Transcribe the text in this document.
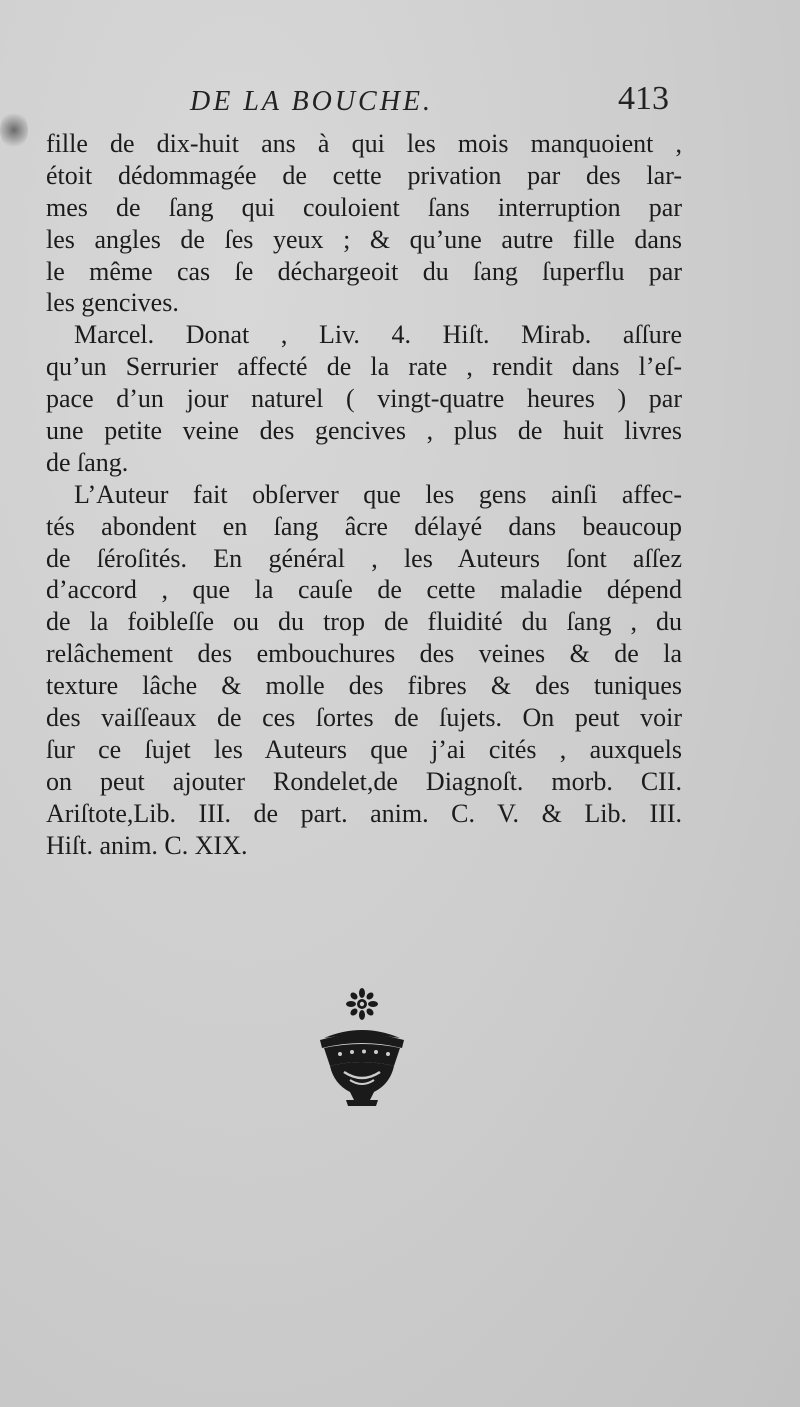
DE LA BOUCHE.	413
fille de dix-huit ans à qui les mois manquoient ,
étoit dédommagée de cette privation par des lar-
mes de ſang qui couloient ſans interruption par
les angles de ſes yeux ; & qu’une autre fille dans
le même cas ſe déchargeoit du ſang ſuperflu par
les gencives.
Marcel. Donat , Liv. 4. Hiſt. Mirab. aſſure
qu’un Serrurier affecté de la rate , rendit dans l’eſ-
pace d’un jour naturel ( vingt-quatre heures ) par
une petite veine des gencives , plus de huit livres
de ſang.
L’Auteur fait obſerver que les gens ainſi affec-
tés abondent en ſang âcre délayé dans beaucoup
de ſéroſités. En général , les Auteurs ſont aſſez
d’accord , que la cauſe de cette maladie dépend
de la foibleſſe ou du trop de fluidité du ſang , du
relâchement des embouchures des veines & de la
texture lâche & molle des fibres & des tuniques
des vaiſſeaux de ces ſortes de ſujets. On peut voir
ſur ce ſujet les Auteurs que j’ai cités , auxquels
on peut ajouter Rondelet,de Diagnoſt. morb. CII.
Ariſtote,Lib. III. de part. anim. C. V. & Lib. III.
Hiſt. anim. C. XIX.
